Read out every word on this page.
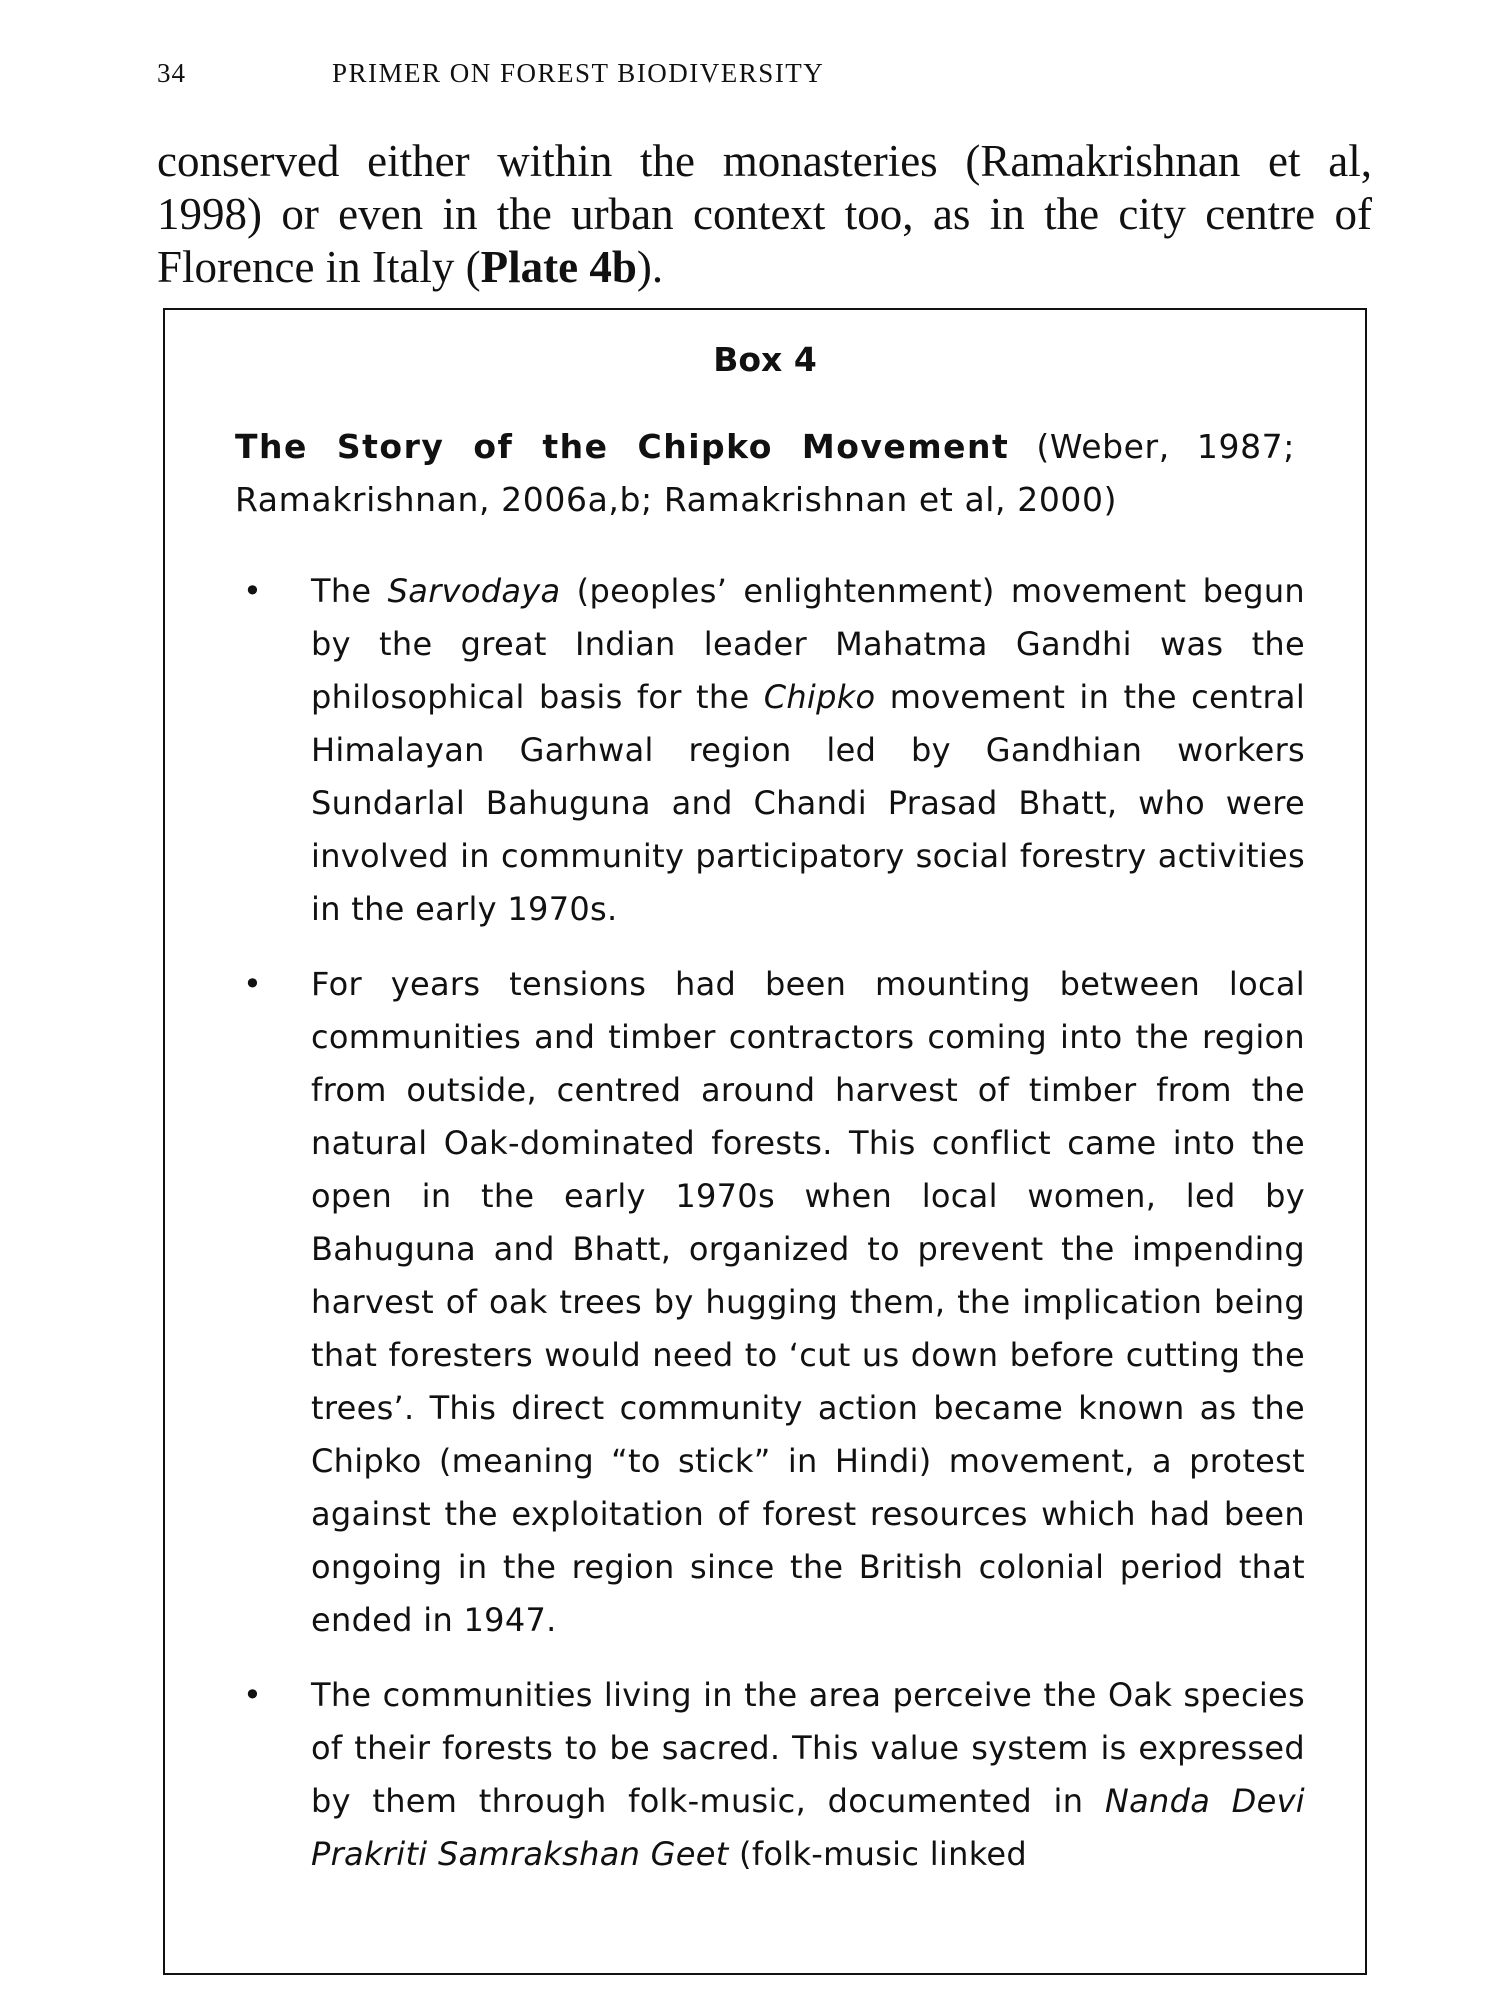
34	PRIMER ON FOREST BIODIVERSITY

conserved either within the monasteries (Ramakrishnan et al, 1998) or even in the urban context too, as in the city centre of Florence in Italy (Plate 4b).

Box 4

The Story of the Chipko Movement (Weber, 1987; Ramakrishnan, 2006a,b; Ramakrishnan et al, 2000)

• The Sarvodaya (peoples’ enlightenment) movement begun by the great Indian leader Mahatma Gandhi was the philosophical basis for the Chipko movement in the central Himalayan Garhwal region led by Gandhian workers Sundarlal Bahuguna and Chandi Prasad Bhatt, who were involved in community participatory social forestry activities in the early 1970s.
• For years tensions had been mounting between local communities and timber contractors coming into the region from outside, centred around harvest of timber from the natural Oak-dominated forests. This conflict came into the open in the early 1970s when local women, led by Bahuguna and Bhatt, organized to prevent the impending harvest of oak trees by hugging them, the implication being that foresters would need to ‘cut us down before cutting the trees’. This direct community action became known as the Chipko (meaning “to stick” in Hindi) movement, a protest against the exploitation of forest resources which had been ongoing in the region since the British colonial period that ended in 1947.
• The communities living in the area perceive the Oak species of their forests to be sacred. This value system is expressed by them through folk-music, documented in Nanda Devi Prakriti Samrakshan Geet (folk-music linked
